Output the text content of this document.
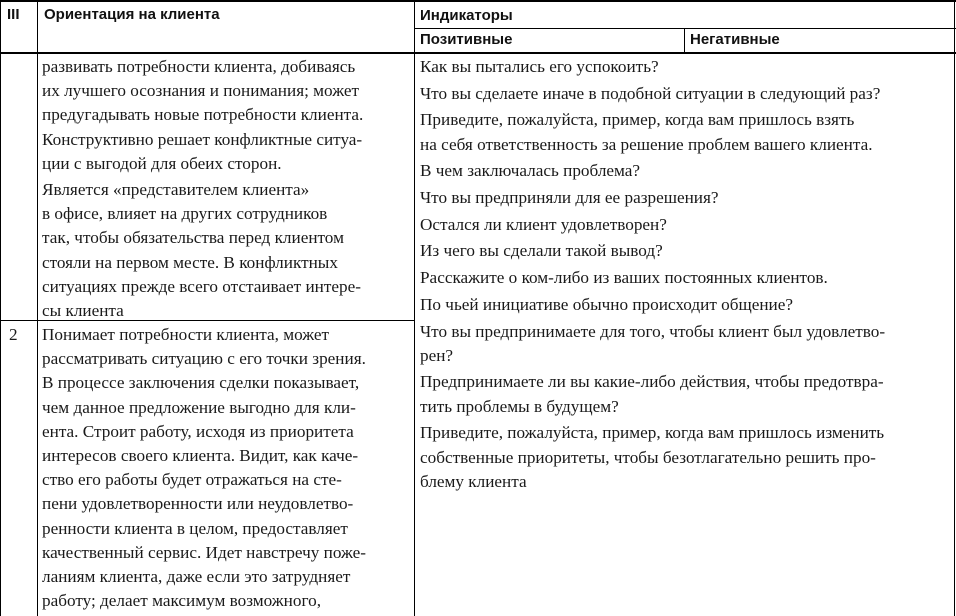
III Ориентация на клиента	Индикаторы
Позитивные	Негативные
развивать потребности клиента, добиваясь
их лучшего осознания и понимания; может
предугадывать новые потребности клиента.
Конструктивно решает конфликтные ситуа-
ции с выгодой для обеих сторон.
Является «представителем клиента»
в офисе, влияет на других сотрудников
так, чтобы обязательства перед клиентом
стояли на первом месте. В конфликтных
ситуациях прежде всего отстаивает интере-
сы клиента
2 Понимает потребности клиента, может
рассматривать ситуацию с его точки зрения.
В процессе заключения сделки показывает,
чем данное предложение выгодно для кли-
ента. Строит работу, исходя из приоритета
интересов своего клиента. Видит, как каче-
ство его работы будет отражаться на сте-
пени удовлетворенности или неудовлетво-
ренности клиента в целом, предоставляет
качественный сервис. Идет навстречу поже-
ланиям клиента, даже если это затрудняет
работу; делает максимум возможного,
Как вы пытались его успокоить?
Что вы сделаете иначе в подобной ситуации в следующий раз?
Приведите, пожалуйста, пример, когда вам пришлось взять
на себя ответственность за решение проблем вашего клиента.
В чем заключалась проблема?
Что вы предприняли для ее разрешения?
Остался ли клиент удовлетворен?
Из чего вы сделали такой вывод?
Расскажите о ком-либо из ваших постоянных клиентов.
По чьей инициативе обычно происходит общение?
Что вы предпринимаете для того, чтобы клиент был удовлетво-
рен?
Предпринимаете ли вы какие-либо действия, чтобы предотвра-
тить проблемы в будущем?
Приведите, пожалуйста, пример, когда вам пришлось изменить
собственные приоритеты, чтобы безотлагательно решить про-
блему клиента
